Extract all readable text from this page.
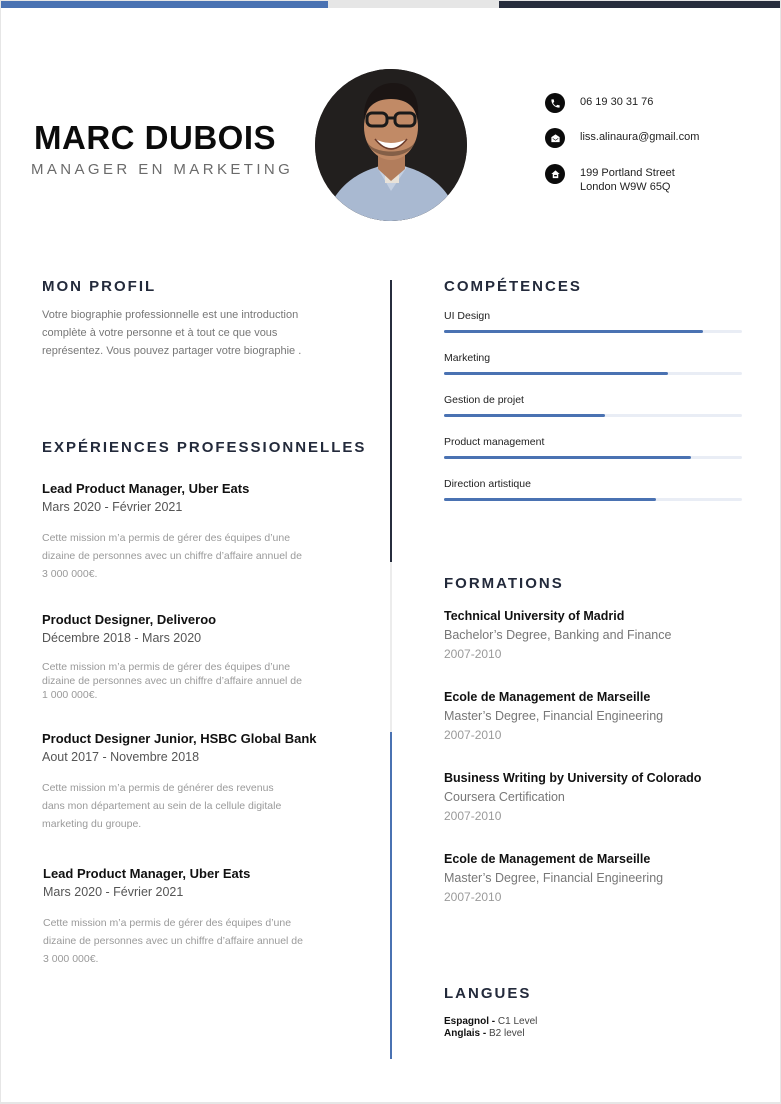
MARC DUBOIS
MANAGER EN MARKETING
06 19 30 31 76
liss.alinaura@gmail.com
199 Portland Street
London W9W 65Q
MON PROFIL
Votre biographie professionnelle est une introduction
complète à votre personne et à tout ce que vous
représentez. Vous pouvez partager votre biographie .
EXPÉRIENCES PROFESSIONNELLES
Lead Product Manager, Uber Eats
Mars 2020 - Février 2021
Cette mission m’a permis de gérer des équipes d’une
dizaine de personnes avec un chiffre d’affaire annuel de
3 000 000€.
Product Designer, Deliveroo
Décembre 2018 - Mars 2020
Cette mission m’a permis de gérer des équipes d’une
dizaine de personnes avec un chiffre d’affaire annuel de
1 000 000€.
Product Designer Junior, HSBC Global Bank
Aout 2017 - Novembre 2018
Cette mission m’a permis de générer des revenus
dans mon département au sein de la cellule digitale
marketing du groupe.
Lead Product Manager, Uber Eats
Mars 2020 - Février 2021
Cette mission m’a permis de gérer des équipes d’une
dizaine de personnes avec un chiffre d’affaire annuel de
3 000 000€.
COMPÉTENCES
UI Design
Marketing
Gestion de projet
Product management
Direction artistique
FORMATIONS
Technical University of Madrid
Bachelor’s Degree, Banking and Finance
2007-2010
Ecole de Management de Marseille
Master’s Degree, Financial Engineering
2007-2010
Business Writing by University of Colorado
Coursera Certification
2007-2010
Ecole de Management de Marseille
Master’s Degree, Financial Engineering
2007-2010
LANGUES
Espagnol - C1 Level
Anglais - B2 level
